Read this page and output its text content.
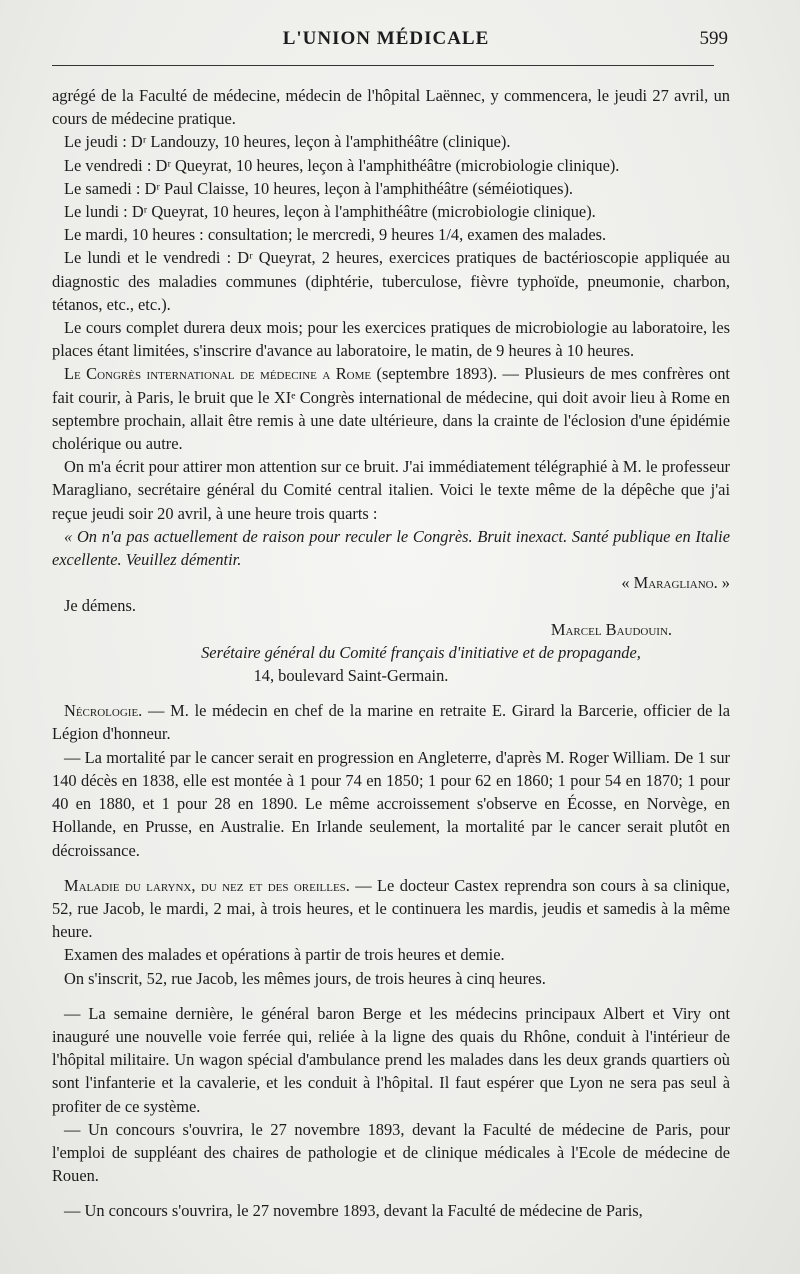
L'UNION MÉDICALE	599

agrégé de la Faculté de médecine, médecin de l'hôpital Laënnec, y commencera, le jeudi 27 avril, un cours de médecine pratique.

Le jeudi : Dʳ Landouzy, 10 heures, leçon à l'amphithéâtre (clinique).

Le vendredi : Dʳ Queyrat, 10 heures, leçon à l'amphithéâtre (microbiologie clinique).

Le samedi : Dʳ Paul Claisse, 10 heures, leçon à l'amphithéâtre (séméiotiques).

Le lundi : Dʳ Queyrat, 10 heures, leçon à l'amphithéâtre (microbiologie clinique).

Le mardi, 10 heures : consultation; le mercredi, 9 heures 1/4, examen des malades.

Le lundi et le vendredi : Dʳ Queyrat, 2 heures, exercices pratiques de bactérioscopie appliquée au diagnostic des maladies communes (diphtérie, tuberculose, fièvre typhoïde, pneumonie, charbon, tétanos, etc., etc.).

Le cours complet durera deux mois; pour les exercices pratiques de microbiologie au laboratoire, les places étant limitées, s'inscrire d'avance au laboratoire, le matin, de 9 heures à 10 heures.

Le Congrès international de médecine a Rome (septembre 1893). — Plusieurs de mes confrères ont fait courir, à Paris, le bruit que le XIᵉ Congrès international de médecine, qui doit avoir lieu à Rome en septembre prochain, allait être remis à une date ultérieure, dans la crainte de l'éclosion d'une épidémie cholérique ou autre.

On m'a écrit pour attirer mon attention sur ce bruit. J'ai immédiatement télégraphié à M. le professeur Maragliano, secrétaire général du Comité central italien. Voici le texte même de la dépêche que j'ai reçue jeudi soir 20 avril, à une heure trois quarts :

« On n'a pas actuellement de raison pour reculer le Congrès. Bruit inexact. Santé publique en Italie excellente. Veuillez démentir.

« Maragliano. »

Je démens.

Marcel Baudouin.

Serétaire général du Comité français d'initiative et de propagande,

14, boulevard Saint-Germain.

Nécrologie. — M. le médecin en chef de la marine en retraite E. Girard la Barcerie, officier de la Légion d'honneur.

— La mortalité par le cancer serait en progression en Angleterre, d'après M. Roger William. De 1 sur 140 décès en 1838, elle est montée à 1 pour 74 en 1850; 1 pour 62 en 1860; 1 pour 54 en 1870; 1 pour 40 en 1880, et 1 pour 28 en 1890. Le même accroissement s'observe en Écosse, en Norvège, en Hollande, en Prusse, en Australie. En Irlande seulement, la mortalité par le cancer serait plutôt en décroissance.

Maladie du larynx, du nez et des oreilles. — Le docteur Castex reprendra son cours à sa clinique, 52, rue Jacob, le mardi, 2 mai, à trois heures, et le continuera les mardis, jeudis et samedis à la même heure.

Examen des malades et opérations à partir de trois heures et demie.

On s'inscrit, 52, rue Jacob, les mêmes jours, de trois heures à cinq heures.

— La semaine dernière, le général baron Berge et les médecins principaux Albert et Viry ont inauguré une nouvelle voie ferrée qui, reliée à la ligne des quais du Rhône, conduit à l'intérieur de l'hôpital militaire. Un wagon spécial d'ambulance prend les malades dans les deux grands quartiers où sont l'infanterie et la cavalerie, et les conduit à l'hôpital. Il faut espérer que Lyon ne sera pas seul à profiter de ce système.

— Un concours s'ouvrira, le 27 novembre 1893, devant la Faculté de médecine de Paris, pour l'emploi de suppléant des chaires de pathologie et de clinique médicales à l'Ecole de médecine de Rouen.

— Un concours s'ouvrira, le 27 novembre 1893, devant la Faculté de médecine de Paris,
